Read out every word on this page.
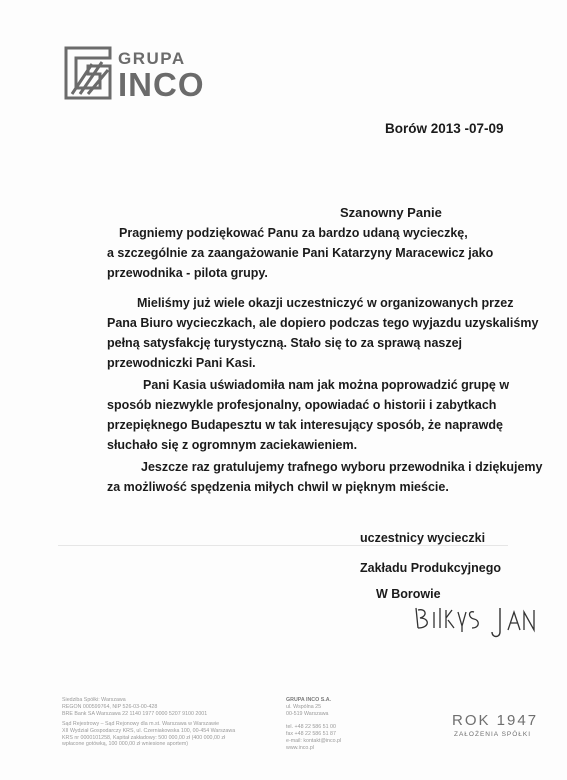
GRUPA
INCO
Borów 2013 -07-09
Szanowny Panie
Pragniemy podziękować Panu za bardzo udaną wycieczkę,
a szczególnie za zaangażowanie Pani Katarzyny Maracewicz jako
przewodnika - pilota grupy.
Mieliśmy już wiele okazji uczestniczyć w organizowanych przez
Pana Biuro wycieczkach, ale dopiero podczas tego wyjazdu uzyskaliśmy
pełną satysfakcję turystyczną. Stało się to za sprawą naszej
przewodniczki Pani Kasi.
Pani Kasia uświadomiła nam jak można poprowadzić grupę w
sposób niezwykle profesjonalny, opowiadać o historii i zabytkach
przepięknego Budapesztu w tak interesujący sposób, że naprawdę
słuchało się z ogromnym zaciekawieniem.
Jeszcze raz gratulujemy trafnego wyboru przewodnika i dziękujemy
za możliwość spędzenia miłych chwil w pięknym mieście.
uczestnicy wycieczki
Zakładu Produkcyjnego
W Borowie
Siedziba Spółki: Warszawa
REGON 000599764, NIP 526-03-00-428
BRE Bank SA Warszawa 22 1140 1977 0000 5207 9100 2001
Sąd Rejestrowy – Sąd Rejonowy dla m.st. Warszawa w Warszawie
XII Wydział Gospodarczy KRS, ul. Czerniakowska 100, 00-454 Warszawa
KRS nr 0000101258, Kapitał zakładowy: 500 000,00 zł (400 000,00 zł
wpłacone gotówką, 100 000,00 zł wniesione aportem)
GRUPA INCO S.A.
ul. Wspólna 25
00-519 Warszawa

tel. +48 22 586 51 00
fax +48 22 586 51 87
e-mail: kontakt@inco.pl
www.inco.pl
ROK 1947
ZAŁOŻENIA SPÓŁKI
